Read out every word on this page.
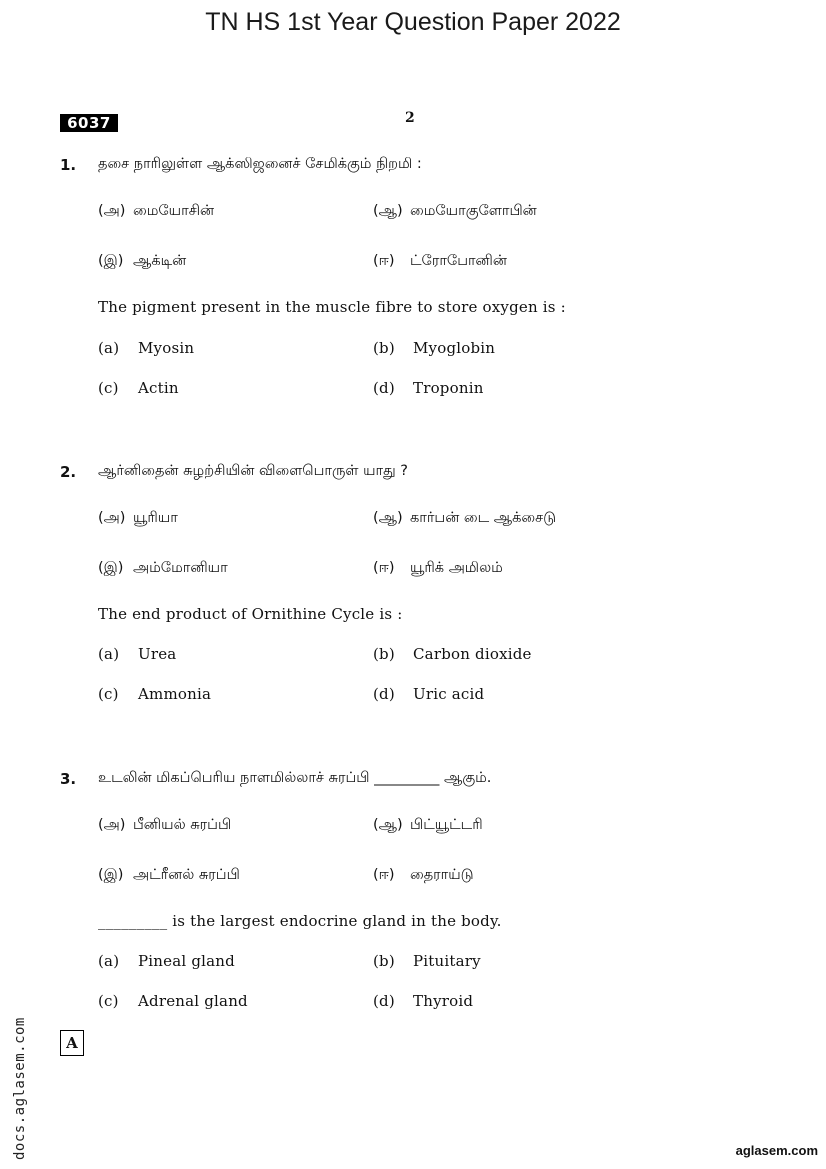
TN HS 1st Year Question Paper 2022
6037	2
1. தசை நாரிலுள்ள ஆக்ஸிஜனைச் சேமிக்கும் நிறமி :
(அ) மையோசின்	(ஆ) மையோகுளோபின்
(இ) ஆக்டின்	(ஈ)	ட்ரோபோனின்
The pigment present in the muscle fibre to store oxygen is :
(a)	Myosin	(b)	Myoglobin
(c)	Actin	(d)	Troponin
2. ஆர்னிதைன் சுழற்சியின் விளைபொருள் யாது ?
(அ) யூரியா	(ஆ) கார்பன் டை ஆக்சைடு
(இ) அம்மோனியா	(ஈ)	யூரிக் அமிலம்
The end product of Ornithine Cycle is :
(a)	Urea	(b)	Carbon dioxide
(c)	Ammonia	(d)	Uric acid
3. உடலின் மிகப்பெரிய நாளமில்லாச் சுரப்பி _________ ஆகும்.
(அ) பீனியல் சுரப்பி	(ஆ) பிட்யூட்டரி
(இ) அட்ரீனல் சுரப்பி	(ஈ)	தைராய்டு
_________ is the largest endocrine gland in the body.
(a)	Pineal gland	(b)	Pituitary
(c)	Adrenal gland	(d)	Thyroid
A
docs.aglasem.com	aglasem.com
